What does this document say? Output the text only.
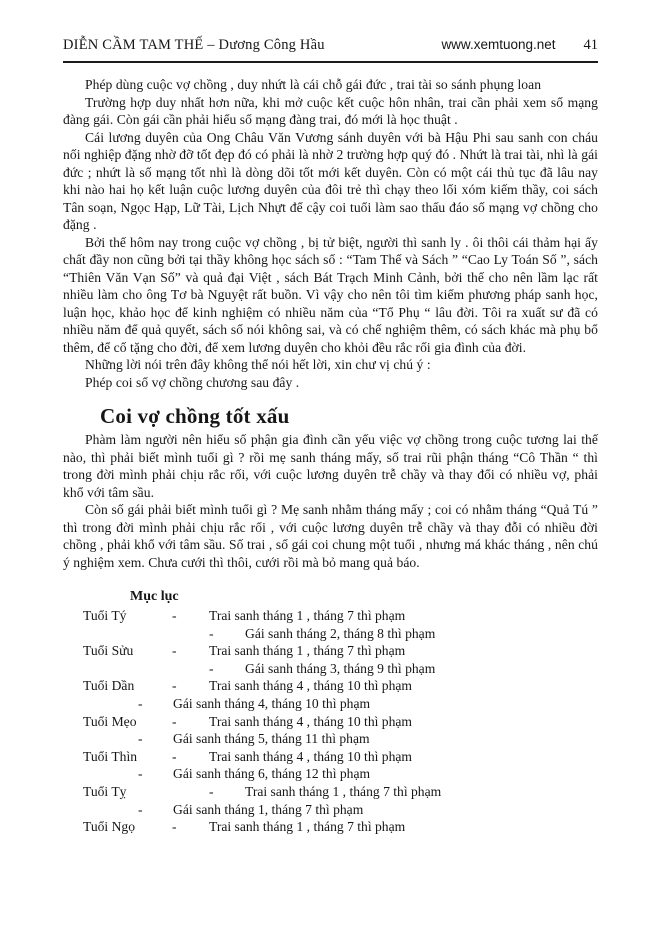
DIỄN CẦM TAM THẾ – Dương Công Hầu	www.xemtuong.net 41

Phép dùng cuộc vợ chồng , duy nhứt là cái chỗ gái đức , trai tài so sánh phụng loan

Trường hợp duy nhất hơn nữa, khi mở cuộc kết cuộc hôn nhân, trai cần phải xem số mạng đàng gái. Còn gái cần phải hiểu số mạng đàng trai, đó mới là học thuật .

Cái lương duyên của Ong Châu Văn Vương sánh duyên với bà Hậu Phi sau sanh con cháu nối nghiệp đặng nhờ đỡ tốt đẹp đó có phải là nhờ 2 trường hợp quý đó . Nhứt là trai tài, nhì là gái đức ; nhứt là số mạng tốt nhì là dòng dõi tốt mới kết duyên. Còn có một cái thủ tục đã lâu nay khi nào hai họ kết luận cuộc lương duyên của đôi trẻ thì chạy theo lối xóm kiếm thầy, coi sách Tân soạn, Ngọc Hạp, Lữ Tài, Lịch Nhựt để cậy coi tuổi làm sao thấu đáo số mạng vợ chồng cho đặng .

Bởi thế hôm nay trong cuộc vợ chồng , bị tử biệt, người thì sanh ly . ôi thôi cái thảm hại ấy chất đầy non cũng bởi tại thầy không học sách số : “Tam Thế và Sách ” “Cao Ly Toán Số ”, sách “Thiên Văn Vạn Số” và quả đại Việt , sách Bát Trạch Minh Cảnh, bởi thế cho nên lầm lạc rất nhiều làm cho ông Tơ bà Nguyệt rất buồn. Vì vậy cho nên tôi tìm kiếm phương pháp sanh học, luận học, khảo học để kinh nghiệm có nhiều năm của “Tổ Phụ “ lâu đời. Tôi ra xuất sư đã có nhiều năm để quả quyết, sách số nói không sai, và có chế nghiệm thêm, có sách khác mà phụ bổ thêm, để cố tặng cho đời, để xem lương duyên cho khỏi đều rắc rối gia đình của đời.

Những lời nói trên đây không thể nói hết lời, xin chư vị chú ý :

Phép coi số vợ chồng chương sau đây .

Coi vợ chồng tốt xấu

Phàm làm người nên hiểu số phận gia đình cần yếu việc vợ chồng trong cuộc tương lai thế nào, thì phải biết mình tuổi gì ? rồi mẹ sanh tháng mấy, số trai rũi phận tháng “Cô Thần “ thì trong đời mình phải chịu rắc rối, với cuộc lương duyên trễ chầy và thay đổi có nhiều vợ, phải khổ với tâm sầu.

Còn số gái phải biết mình tuổi gì ? Mẹ sanh nhằm tháng mấy ; coi có nhằm tháng “Quả Tú ” thì trong đời mình phải chịu rắc rối , với cuộc lương duyên trễ chầy và thay đỗi có nhiều đời chồng , phải khổ với tâm sầu. Số trai , số gái coi chung một tuổi , nhưng má khác tháng , nên chú ý nghiệm xem. Chưa cưới thì thôi, cưới rồi mà bỏ mang quả báo.

Mục lục
Tuổi Tý	- Trai sanh tháng 1 , tháng 7 thì phạm
- Gái sanh tháng 2, tháng 8 thì phạm
Tuổi Sửu	- Trai sanh tháng 1 , tháng 7 thì phạm
- Gái sanh tháng 3, tháng 9 thì phạm
Tuổi Dần	- Trai sanh tháng 4 , tháng 10 thì phạm
- Gái sanh tháng 4, tháng 10 thì phạm
Tuổi Mẹo	- Trai sanh tháng 4 , tháng 10 thì phạm
- Gái sanh tháng 5, tháng 11 thì phạm
Tuổi Thìn	- Trai sanh tháng 4 , tháng 10 thì phạm
- Gái sanh tháng 6, tháng 12 thì phạm
Tuổi Tỵ	- Trai sanh tháng 1 , tháng 7 thì phạm
- Gái sanh tháng 1, tháng 7 thì phạm
Tuổi Ngọ	- Trai sanh tháng 1 , tháng 7 thì phạm
